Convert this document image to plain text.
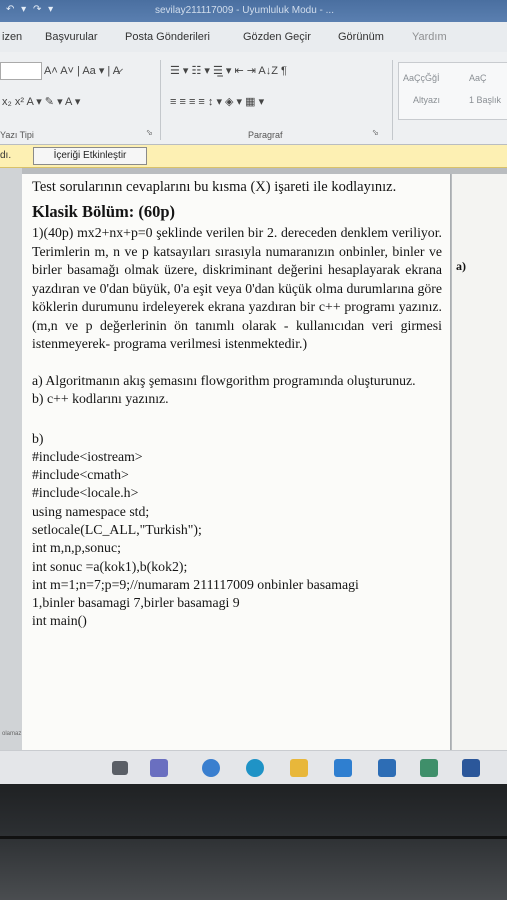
↶ ▾ ↷ ▾	sevilay211117009 - Uyumluluk Modu - ...
izen Başvurular Posta Gönderileri	Gözden Geçir Görünüm	Yardım
A˄ A˅ | Aa ▾ | A̷
x₂ x² A ▾ ✎ ▾ A ▾
Yazı Tipi	⬂
☰ ▾ ☷ ▾ ☰̲ ▾ ⇤ ⇥ A↓Z ¶
≡ ≡ ≡ ≡ ↕ ▾ ◈ ▾ ▦ ▾
Paragraf	⬂
AaÇçĞğİ	AaÇ
Altyazı	1 Başlık
dı.	İçeriği Etkinleştir
olamaz

Test sorularının cevaplarını bu kısma (X) işareti ile kodlayınız.

Klasik Bölüm: (60p)

1)(40p) mx2+nx+p=0 şeklinde verilen bir 2. dereceden denklem veriliyor. Terimlerin m, n ve p katsayıları sırasıyla numaranızın onbinler, binler ve birler basamağı olmak üzere, diskriminant değerini hesaplayarak ekrana yazdıran ve 0'dan büyük, 0'a eşit veya 0'dan küçük olma durumlarına göre köklerin durumunu irdeleyerek ekrana yazdıran bir c++ programı yazınız. (m,n ve p değerlerinin ön tanımlı olarak - kullanıcıdan veri girmesi istenmeyerek- programa verilmesi istenmektedir.)

a) Algoritmanın akış şemasını flowgorithm programında oluşturunuz.

b) c++ kodlarını yazınız.

b)

#include<iostream>

#include<cmath>

#include<locale.h>

using namespace std;

setlocale(LC_ALL,"Turkish");

int m,n,p,sonuc;

int sonuc =a(kok1),b(kok2);

int m=1;n=7;p=9;//numaram 211117009 onbinler basamagi

1,binler basamagi 7,birler basamagi 9

int main()

a)
